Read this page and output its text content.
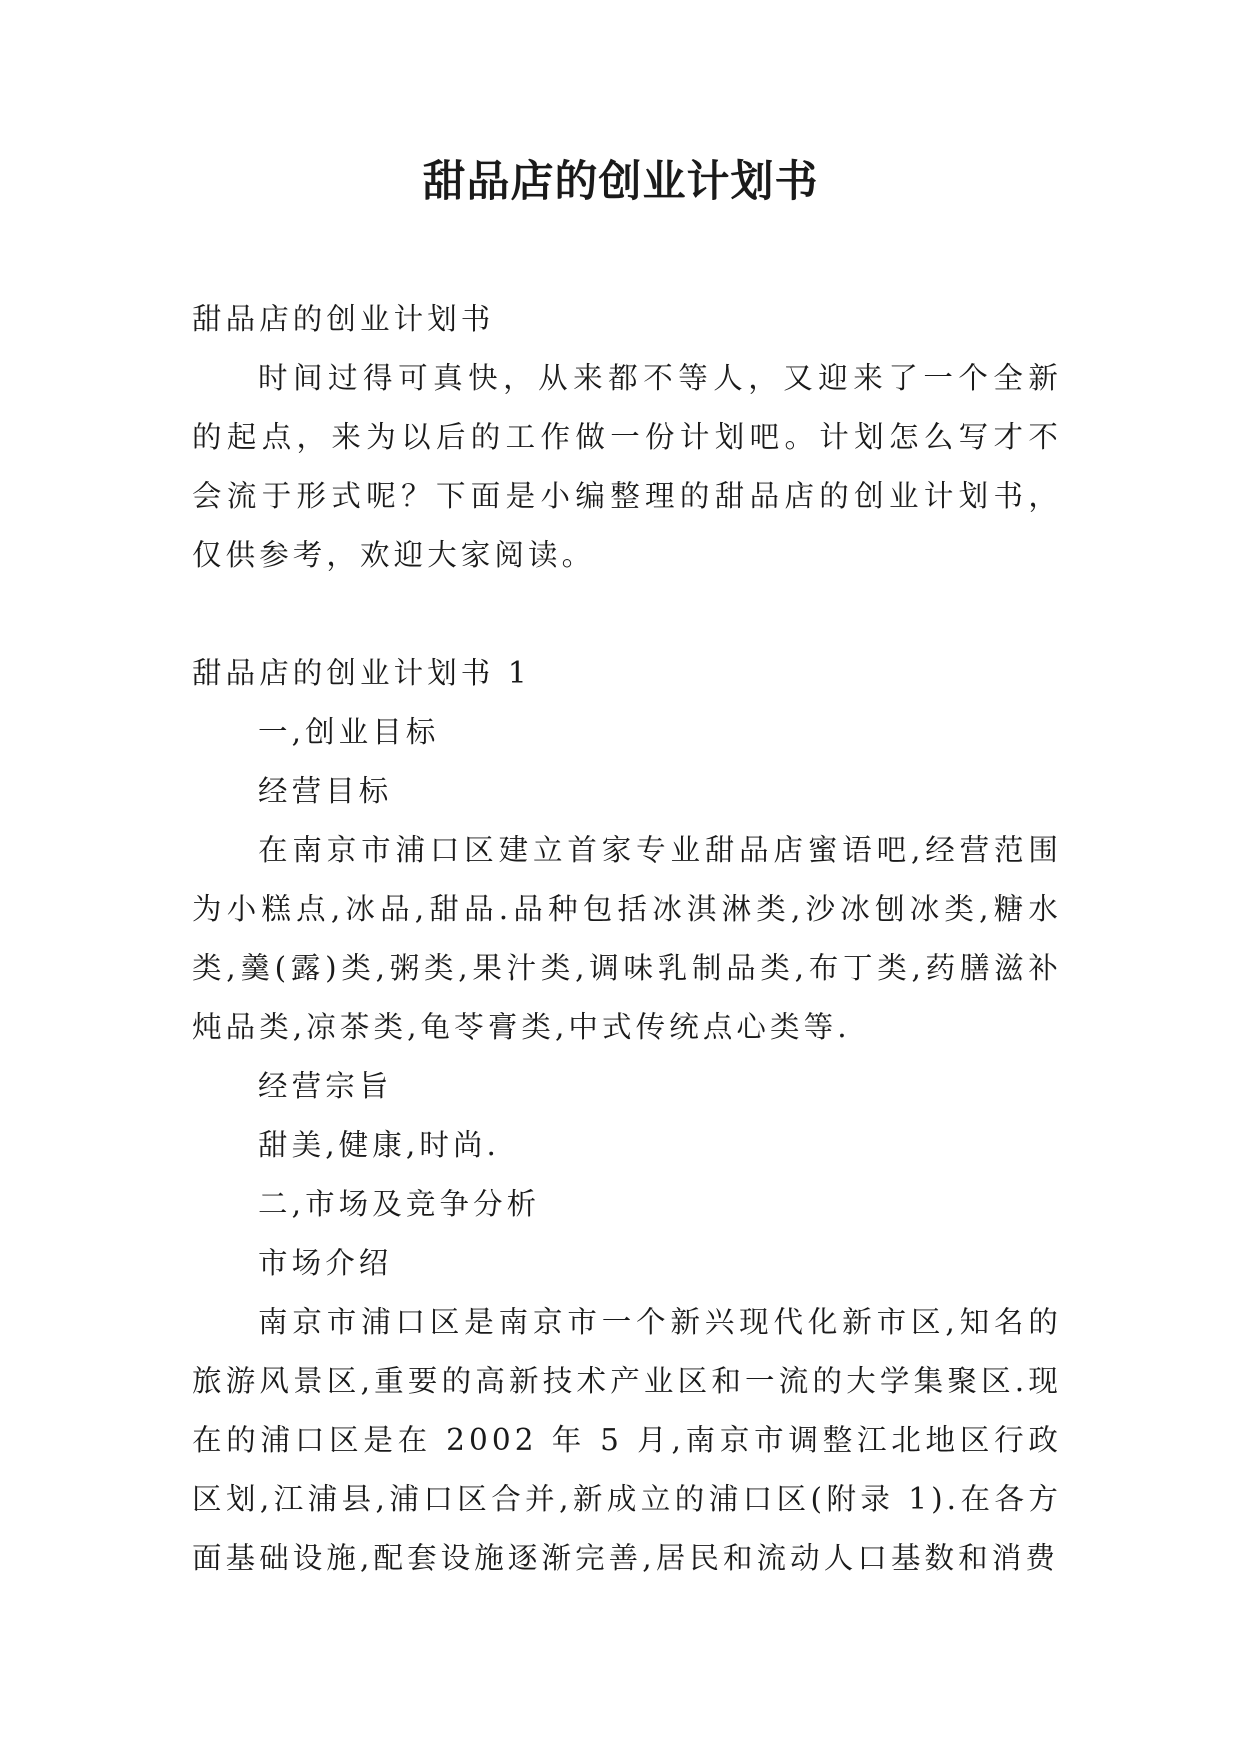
甜品店的创业计划书

甜品店的创业计划书

时间过得可真快，从来都不等人，又迎来了一个全新的起点，来为以后的工作做一份计划吧。计划怎么写才不会流于形式呢？下面是小编整理的甜品店的创业计划书，仅供参考，欢迎大家阅读。

甜品店的创业计划书 1

一,创业目标

经营目标

在南京市浦口区建立首家专业甜品店蜜语吧,经营范围为小糕点,冰品,甜品.品种包括冰淇淋类,沙冰刨冰类,糖水类,羹(露)类,粥类,果汁类,调味乳制品类,布丁类,药膳滋补炖品类,凉茶类,龟苓膏类,中式传统点心类等.

经营宗旨

甜美,健康,时尚.

二,市场及竞争分析

市场介绍

南京市浦口区是南京市一个新兴现代化新市区,知名的旅游风景区,重要的高新技术产业区和一流的大学集聚区.现在的浦口区是在 2002 年 5 月,南京市调整江北地区行政区划,江浦县,浦口区合并,新成立的浦口区(附录 1).在各方面基础设施,配套设施逐渐完善,居民和流动人口基数和消费
